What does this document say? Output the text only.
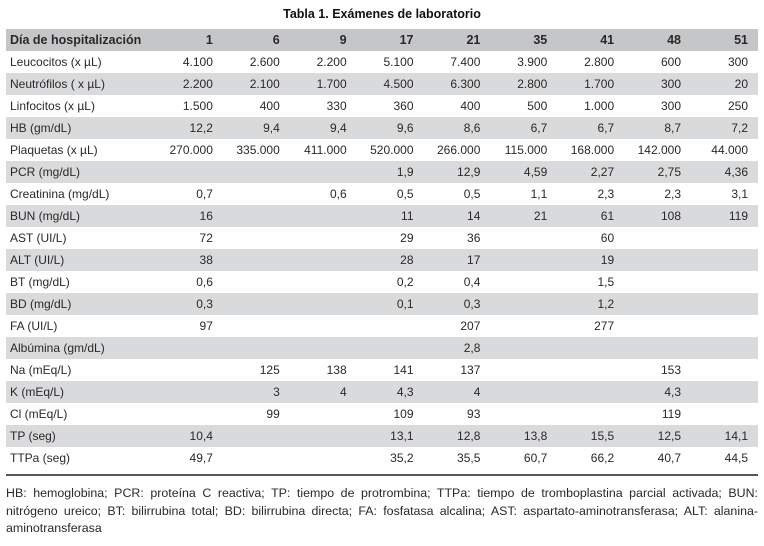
Tabla 1. Exámenes de laboratorio
Día de hospitalización	1	6	9	17	21	35	41	48	51
Leucocitos (x µL)	4.100	2.600	2.200	5.100	7.400	3.900	2.800	600	300
Neutrófilos ( x µL)	2.200	2.100	1.700	4.500	6.300	2.800	1.700	300	20
Linfocitos (x µL)	1.500	400	330	360	400	500	1.000	300	250
HB (gm/dL)	12,2	9,4	9,4	9,6	8,6	6,7	6,7	8,7	7,2
Plaquetas (x µL)	270.000	335.000	411.000	520.000	266.000	115.000	168.000	142.000	44.000
PCR (mg/dL)				1,9	12,9	4,59	2,27	2,75	4,36
Creatinina (mg/dL)	0,7		0,6	0,5	0,5	1,1	2,3	2,3	3,1
BUN (mg/dL)	16			11	14	21	61	108	119
AST (UI/L)	72			29	36		60		
ALT (UI/L)	38			28	17		19		
BT (mg/dL)	0,6			0,2	0,4		1,5		
BD (mg/dL)	0,3			0,1	0,3		1,2		
FA (UI/L)	97				207		277		
Albúmina (gm/dL)					2,8				
Na (mEq/L)		125	138	141	137			153	
K (mEq/L)		3	4	4,3	4			4,3	
Cl (mEq/L)		99		109	93			119	
TP (seg)	10,4			13,1	12,8	13,8	15,5	12,5	14,1
TTPa (seg)	49,7			35,2	35,5	60,7	66,2	40,7	44,5
HB: hemoglobina; PCR: proteína C reactiva; TP: tiempo de protrombina; TTPa: tiempo de tromboplastina parcial activada; BUN: nitrógeno ureico; BT: bilirrubina total; BD: bilirrubina directa; FA: fosfatasa alcalina; AST: aspartato-aminotransferasa; ALT: alanina-aminotransferasa
